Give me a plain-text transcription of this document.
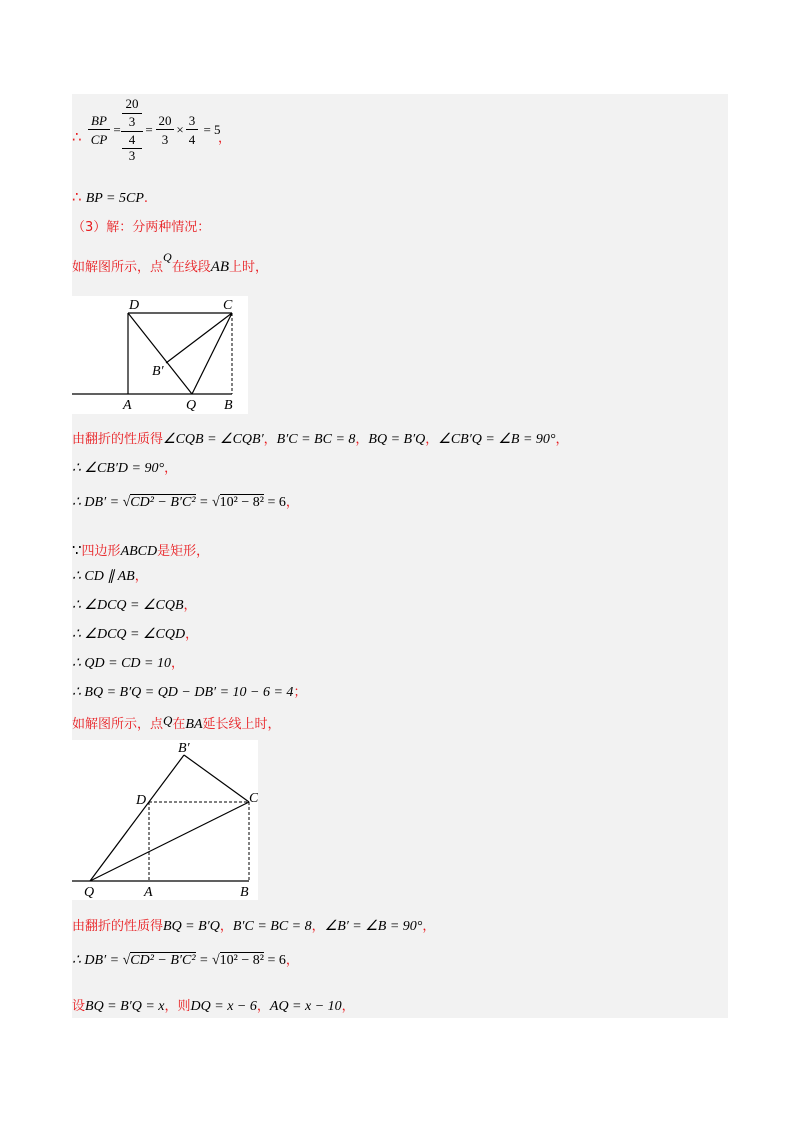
∴
BP
CP
=
20
3
4
3
=
20
3
×
3
4
= 5
，
∴ BP = 5CP.
（3）解：分两种情况：
如解图所示，点Q在线段AB上时，
D	C
B′
A	Q B
由翻折的性质得∠CQB = ∠CQB′，B′C = BC = 8，BQ = B′Q，∠CB′Q = ∠B = 90°，
∴ ∠CB′D = 90°，
∴ DB′ = √CD² − B′C² = √10² − 8² = 6，
∵四边形ABCD是矩形，
∴ CD ∥ AB，
∴ ∠DCQ = ∠CQB，
∴ ∠DCQ = ∠CQD，
∴ QD = CD = 10，
∴ BQ = B′Q = QD − DB′ = 10 − 6 = 4；
如解图所示，点Q在BA延长线上时，
B′
D	C
Q	A	B
由翻折的性质得BQ = B′Q，B′C = BC = 8，∠B′ = ∠B = 90°，
∴ DB′ = √CD² − B′C² = √10² − 8² = 6，
设BQ = B′Q = x，则DQ = x − 6，AQ = x − 10，
